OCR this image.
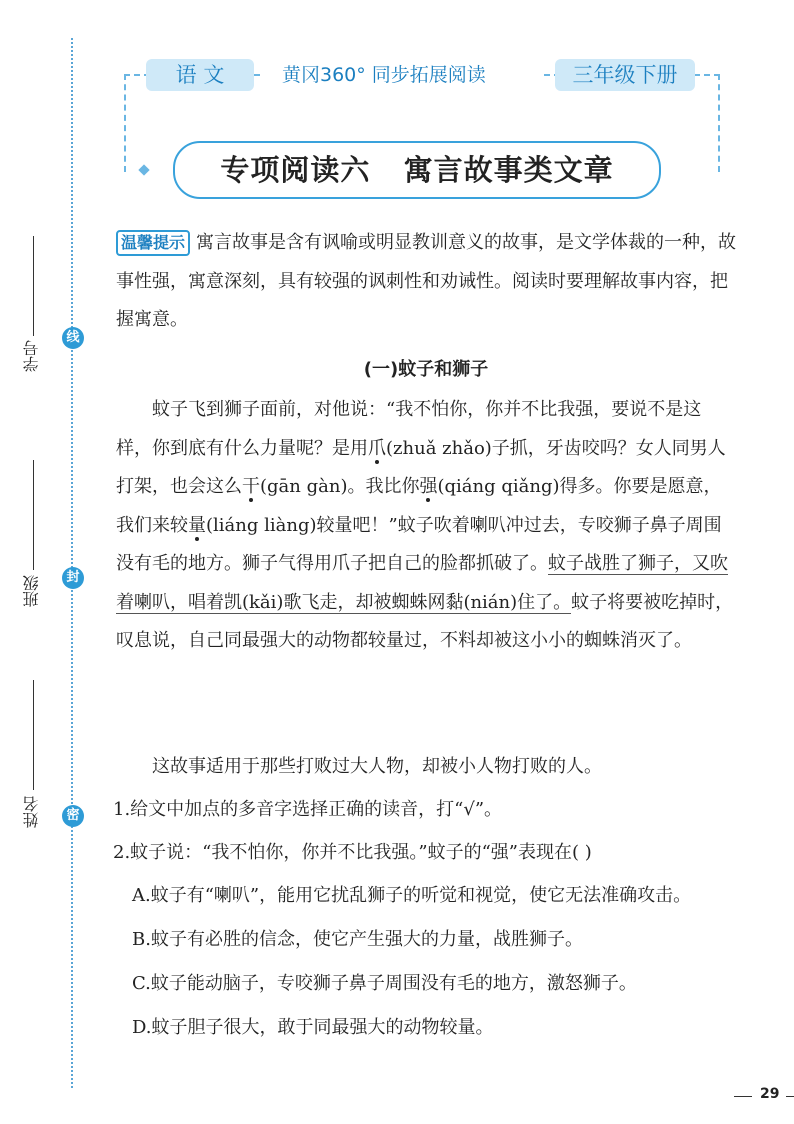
线
封
密
学号
班级
姓名
语 文	黄冈360° 同步拓展阅读	三年级下册
专项阅读六   寓言故事类文章
温馨提示 寓言故事是含有讽喻或明显教训意义的故事，是文学体裁的一种，故事性强，寓意深刻，具有较强的讽刺性和劝诫性。阅读时要理解故事内容，把握寓意。
(一)蚊子和狮子
蚊子飞到狮子面前，对他说：“我不怕你，你并不比我强，要说不是这样，你到底有什么力量呢？是用爪(zhuǎ zhǎo)子抓，牙齿咬吗？女人同男人打架，也会这么干(gān gàn)。我比你强(qiáng qiǎng)得多。你要是愿意，我们来较量(liáng liàng)较量吧！”蚊子吹着喇叭冲过去，专咬狮子鼻子周围没有毛的地方。狮子气得用爪子把自己的脸都抓破了。蚊子战胜了狮子，又吹着喇叭，唱着凯(kǎi)歌飞走，却被蜘蛛网黏(nián)住了。蚊子将要被吃掉时，叹息说，自己同最强大的动物都较量过，不料却被这小小的蜘蛛消灭了。
这故事适用于那些打败过大人物，却被小人物打败的人。
1.给文中加点的多音字选择正确的读音，打“√”。
2.蚊子说：“我不怕你，你并不比我强。”蚊子的“强”表现在( )
A.蚊子有“喇叭”，能用它扰乱狮子的听觉和视觉，使它无法准确攻击。
B.蚊子有必胜的信念，使它产生强大的力量，战胜狮子。
C.蚊子能动脑子，专咬狮子鼻子周围没有毛的地方，激怒狮子。
D.蚊子胆子很大，敢于同最强大的动物较量。
29
